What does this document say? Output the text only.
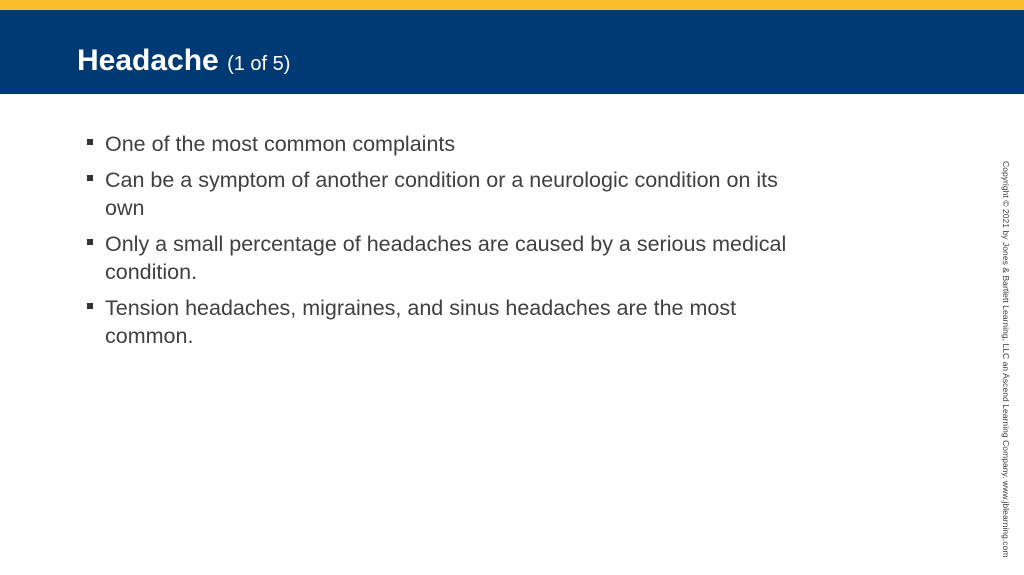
Headache (1 of 5)
One of the most common complaints
Can be a symptom of another condition or a neurologic condition on its own
Only a small percentage of headaches are caused by a serious medical condition.
Tension headaches, migraines, and sinus headaches are the most common.	Copyright © 2021 by Jones & Bartlett Learning, LLC an Ascend Learning Company. www.jblearning.com
